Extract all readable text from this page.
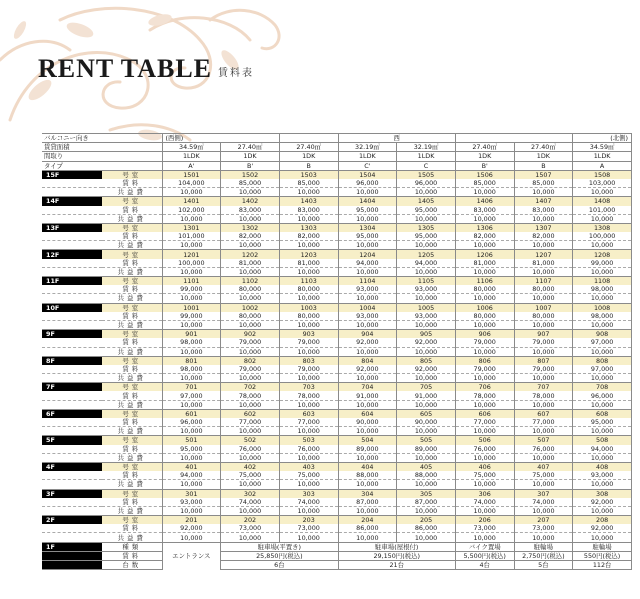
RENT TABLE 賃料表
バルコニー向き		(西側)			西				(北側)
賃貸面積		34.59㎡	27.40㎡	27.40㎡	32.19㎡	32.19㎡	27.40㎡	27.40㎡	34.59㎡
間取り		1LDK	1DK	1DK	1LDK	1LDK	1DK	1DK	1LDK
タイプ		A'	B'	B	C'	C	B'	B	A
15F	号室	1501	1502	1503	1504	1505	1506	1507	1508
	賃料	104,000	85,000	85,000	96,000	96,000	85,000	85,000	103,000
	共益費	10,000	10,000	10,000	10,000	10,000	10,000	10,000	10,000
14F	号室	1401	1402	1403	1404	1405	1406	1407	1408
	賃料	102,000	83,000	83,000	95,000	95,000	83,000	83,000	101,000
	共益費	10,000	10,000	10,000	10,000	10,000	10,000	10,000	10,000
13F	号室	1301	1302	1303	1304	1305	1306	1307	1308
	賃料	101,000	82,000	82,000	95,000	95,000	82,000	82,000	100,000
	共益費	10,000	10,000	10,000	10,000	10,000	10,000	10,000	10,000
12F	号室	1201	1202	1203	1204	1205	1206	1207	1208
	賃料	100,000	81,000	81,000	94,000	94,000	81,000	81,000	99,000
	共益費	10,000	10,000	10,000	10,000	10,000	10,000	10,000	10,000
11F	号室	1101	1102	1103	1104	1105	1106	1107	1108
	賃料	99,000	80,000	80,000	93,000	93,000	80,000	80,000	98,000
	共益費	10,000	10,000	10,000	10,000	10,000	10,000	10,000	10,000
10F	号室	1001	1002	1003	1004	1005	1006	1007	1008
	賃料	99,000	80,000	80,000	93,000	93,000	80,000	80,000	98,000
	共益費	10,000	10,000	10,000	10,000	10,000	10,000	10,000	10,000
9F	号室	901	902	903	904	905	906	907	908
	賃料	98,000	79,000	79,000	92,000	92,000	79,000	79,000	97,000
	共益費	10,000	10,000	10,000	10,000	10,000	10,000	10,000	10,000
8F	号室	801	802	803	804	805	806	807	808
	賃料	98,000	79,000	79,000	92,000	92,000	79,000	79,000	97,000
	共益費	10,000	10,000	10,000	10,000	10,000	10,000	10,000	10,000
7F	号室	701	702	703	704	705	706	707	708
	賃料	97,000	78,000	78,000	91,000	91,000	78,000	78,000	96,000
	共益費	10,000	10,000	10,000	10,000	10,000	10,000	10,000	10,000
6F	号室	601	602	603	604	605	606	607	608
	賃料	96,000	77,000	77,000	90,000	90,000	77,000	77,000	95,000
	共益費	10,000	10,000	10,000	10,000	10,000	10,000	10,000	10,000
5F	号室	501	502	503	504	505	506	507	508
	賃料	95,000	76,000	76,000	89,000	89,000	76,000	76,000	94,000
	共益費	10,000	10,000	10,000	10,000	10,000	10,000	10,000	10,000
4F	号室	401	402	403	404	405	406	407	408
	賃料	94,000	75,000	75,000	88,000	88,000	75,000	75,000	93,000
	共益費	10,000	10,000	10,000	10,000	10,000	10,000	10,000	10,000
3F	号室	301	302	303	304	305	306	307	308
	賃料	93,000	74,000	74,000	87,000	87,000	74,000	74,000	92,000
	共益費	10,000	10,000	10,000	10,000	10,000	10,000	10,000	10,000
2F	号室	201	202	203	204	205	206	207	208
	賃料	92,000	73,000	73,000	86,000	86,000	73,000	73,000	92,000
	共益費	10,000	10,000	10,000	10,000	10,000	10,000	10,000	10,000
1F	種類	エントランス	駐車場(平置き)		駐車場(屋根付)		バイク置場	駐輪場	駐輪場
	賃料		25,850円(税込)		29,150円(税込)		5,500円(税込)	2,750円(税込)	550円(税込)
	台数		6台		21台		4台	5台	112台
